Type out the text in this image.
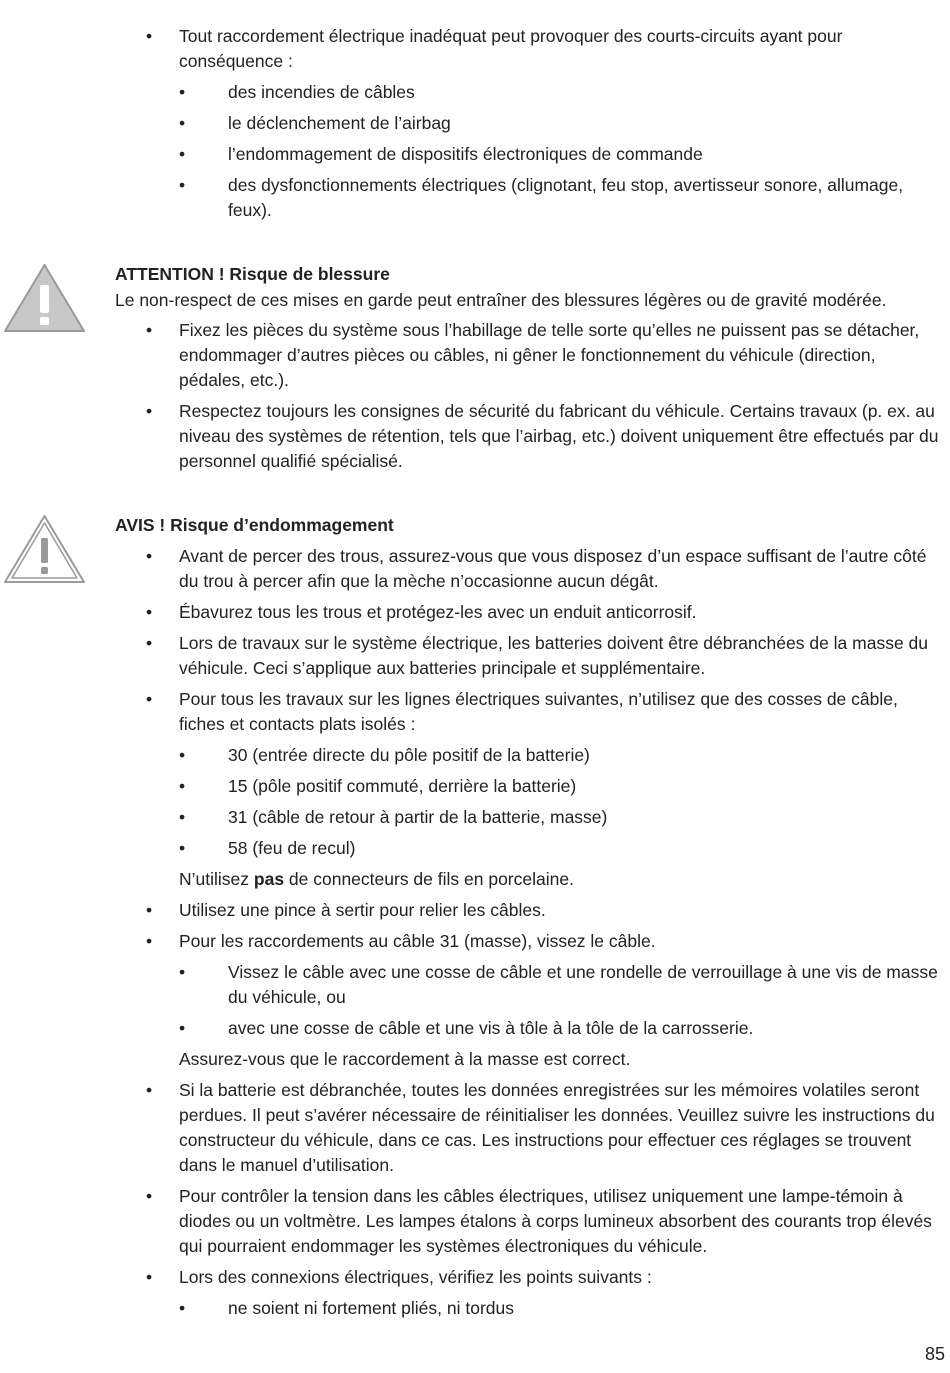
• Tout raccordement électrique inadéquat peut provoquer des courts-circuits ayant pour conséquence :
• des incendies de câbles
• le déclenchement de l’airbag
• l’endommagement de dispositifs électroniques de commande
• des dysfonctionnements électriques (clignotant, feu stop, avertisseur sonore, allumage, feux).
ATTENTION ! Risque de blessure
Le non-respect de ces mises en garde peut entraîner des blessures légères ou de gravité modérée.
• Fixez les pièces du système sous l’habillage de telle sorte qu’elles ne puissent pas se détacher, endommager d’autres pièces ou câbles, ni gêner le fonctionnement du véhicule (direction, pédales, etc.).
• Respectez toujours les consignes de sécurité du fabricant du véhicule. Certains travaux (p. ex. au niveau des systèmes de rétention, tels que l’airbag, etc.) doivent uniquement être effectués par du personnel qualifié spécialisé.
AVIS ! Risque d’endommagement
• Avant de percer des trous, assurez-vous que vous disposez d’un espace suffisant de l’autre côté du trou à percer afin que la mèche n’occasionne aucun dégât.
• Ébavurez tous les trous et protégez-les avec un enduit anticorrosif.
• Lors de travaux sur le système électrique, les batteries doivent être débranchées de la masse du véhicule. Ceci s’applique aux batteries principale et supplémentaire.
• Pour tous les travaux sur les lignes électriques suivantes, n’utilisez que des cosses de câble, fiches et contacts plats isolés :
• 30 (entrée directe du pôle positif de la batterie)
• 15 (pôle positif commuté, derrière la batterie)
• 31 (câble de retour à partir de la batterie, masse)
• 58 (feu de recul)
N’utilisez pas de connecteurs de fils en porcelaine.
• Utilisez une pince à sertir pour relier les câbles.
• Pour les raccordements au câble 31 (masse), vissez le câble.
• Vissez le câble avec une cosse de câble et une rondelle de verrouillage à une vis de masse du véhicule, ou
• avec une cosse de câble et une vis à tôle à la tôle de la carrosserie.
Assurez-vous que le raccordement à la masse est correct.
• Si la batterie est débranchée, toutes les données enregistrées sur les mémoires volatiles seront perdues. Il peut s’avérer nécessaire de réinitialiser les données. Veuillez suivre les instructions du constructeur du véhicule, dans ce cas. Les instructions pour effectuer ces réglages se trouvent dans le manuel d’utilisation.
• Pour contrôler la tension dans les câbles électriques, utilisez uniquement une lampe-témoin à diodes ou un voltmètre. Les lampes étalons à corps lumineux absorbent des courants trop élevés qui pourraient endommager les systèmes électroniques du véhicule.
• Lors des connexions électriques, vérifiez les points suivants :
• ne soient ni fortement pliés, ni tordus
85
